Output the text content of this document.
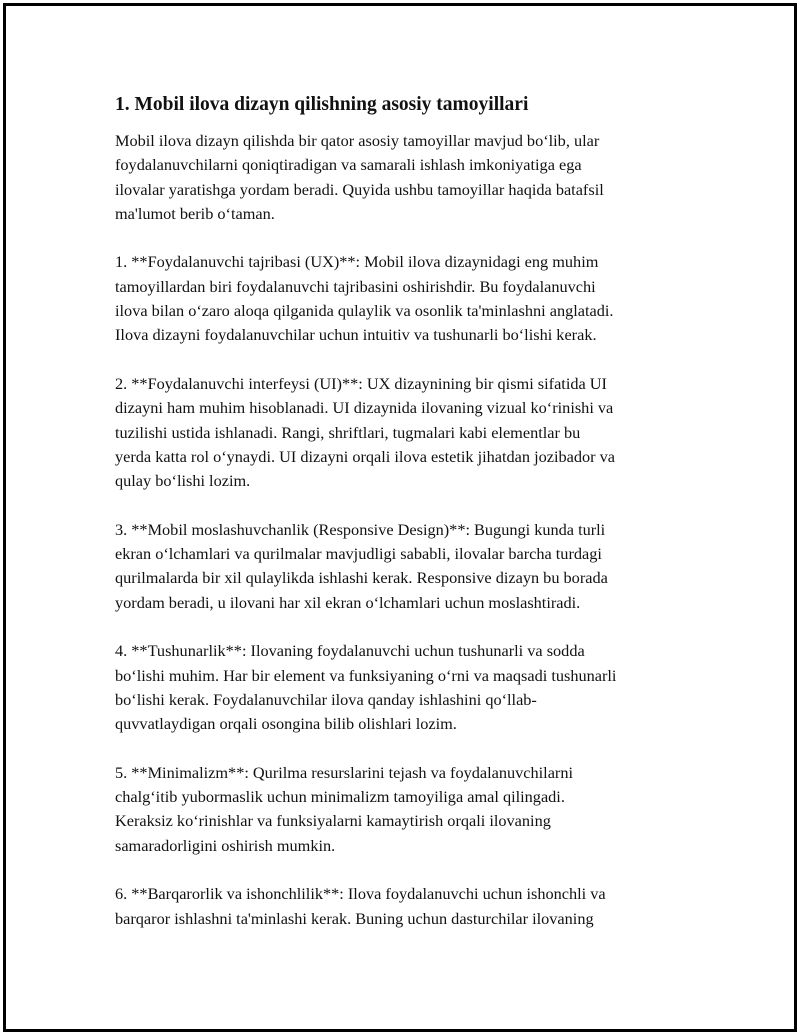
1. Mobil ilova dizayn qilishning asosiy tamoyillari

Mobil ilova dizayn qilishda bir qator asosiy tamoyillar mavjud bo‘lib, ular
foydalanuvchilarni qoniqtiradigan va samarali ishlash imkoniyatiga ega
ilovalar yaratishga yordam beradi. Quyida ushbu tamoyillar haqida batafsil
ma'lumot berib o‘taman.

1. **Foydalanuvchi tajribasi (UX)**: Mobil ilova dizaynidagi eng muhim
tamoyillardan biri foydalanuvchi tajribasini oshirishdir. Bu foydalanuvchi
ilova bilan o‘zaro aloqa qilganida qulaylik va osonlik ta'minlashni anglatadi.
Ilova dizayni foydalanuvchilar uchun intuitiv va tushunarli bo‘lishi kerak.

2. **Foydalanuvchi interfeysi (UI)**: UX dizaynining bir qismi sifatida UI
dizayni ham muhim hisoblanadi. UI dizaynida ilovaning vizual ko‘rinishi va
tuzilishi ustida ishlanadi. Rangi, shriftlari, tugmalari kabi elementlar bu
yerda katta rol o‘ynaydi. UI dizayni orqali ilova estetik jihatdan jozibador va
qulay bo‘lishi lozim.

3. **Mobil moslashuvchanlik (Responsive Design)**: Bugungi kunda turli
ekran o‘lchamlari va qurilmalar mavjudligi sababli, ilovalar barcha turdagi
qurilmalarda bir xil qulaylikda ishlashi kerak. Responsive dizayn bu borada
yordam beradi, u ilovani har xil ekran o‘lchamlari uchun moslashtiradi.

4. **Tushunarlik**: Ilovaning foydalanuvchi uchun tushunarli va sodda
bo‘lishi muhim. Har bir element va funksiyaning o‘rni va maqsadi tushunarli
bo‘lishi kerak. Foydalanuvchilar ilova qanday ishlashini qo‘llab-
quvvatlaydigan orqali osongina bilib olishlari lozim.

5. **Minimalizm**: Qurilma resurslarini tejash va foydalanuvchilarni
chalg‘itib yubormaslik uchun minimalizm tamoyiliga amal qilingadi.
Keraksiz ko‘rinishlar va funksiyalarni kamaytirish orqali ilovaning
samaradorligini oshirish mumkin.

6. **Barqarorlik va ishonchlilik**: Ilova foydalanuvchi uchun ishonchli va
barqaror ishlashni ta'minlashi kerak. Buning uchun dasturchilar ilovaning
